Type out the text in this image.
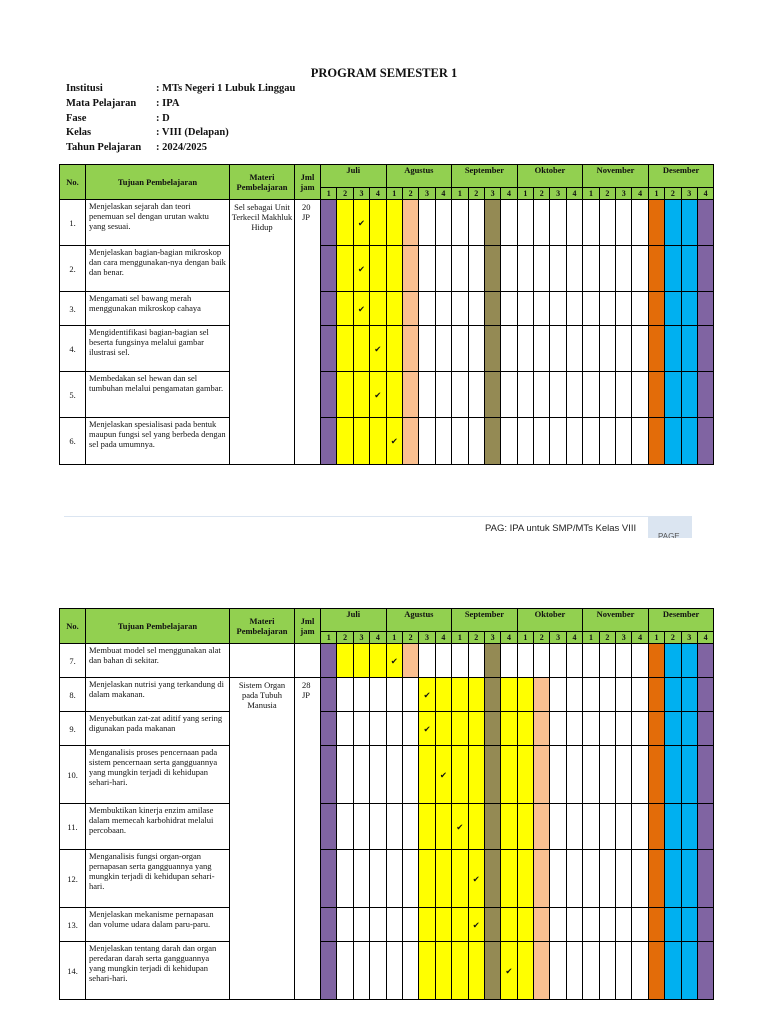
PROGRAM SEMESTER 1
Institusi	: MTs Negeri 1 Lubuk Linggau
Mata Pelajaran	: IPA
Fase	: D
Kelas	: VIII (Delapan)
Tahun Pelajaran	: 2024/2025
No.	Tujuan Pembelajaran	Materi Pembelajaran	Jml jam	Juli				Agustus				September				Oktober				November				Desember			
				1	2	3	4	1	2	3	4	1	2	3	4	1	2	3	4	1	2	3	4	1	2	3	4
1.	Menjelaskan sejarah dan teori penemuan sel dengan urutan waktu yang sesuai.	Sel sebagai Unit Terkecil Makhluk Hidup	20 JP			✔																					
2.	Menjelaskan bagian-bagian mikroskop dan cara menggunakan-nya dengan baik dan benar.					✔																					
3.	Mengamati sel bawang merah menggunakan mikroskop cahaya					✔																					
4.	Mengidentifikasi bagian-bagian sel beserta fungsinya melalui gambar ilustrasi sel.						✔																				
5.	Membedakan sel hewan dan sel tumbuhan melalui pengamatan gambar.						✔																				
6.	Menjelaskan spesialisasi pada bentuk maupun fungsi sel yang berbeda dengan sel pada umumnya.							✔																			
PAG: IPA untuk SMP/MTs Kelas VIII
PAGE
No.	Tujuan Pembelajaran	Materi Pembelajaran	Jml jam	Juli				Agustus				September				Oktober				November				Desember			
				1	2	3	4	1	2	3	4	1	2	3	4	1	2	3	4	1	2	3	4	1	2	3	4
7.	Membuat model sel menggunakan alat dan bahan di sekitar.							✔																			
8.	Menjelaskan nutrisi yang terkandung di dalam makanan.	Sistem Organ pada Tubuh Manusia	28 JP							✔																	
9.	Menyebutkan zat-zat aditif yang sering digunakan pada makanan									✔																	
10.	Menganalisis proses pencernaan pada sistem pencernaan serta gangguannya yang mungkin terjadi di kehidupan sehari-hari.										✔																
11.	Membuktikan kinerja enzim amilase dalam memecah karbohidrat melalui percobaan.											✔															
12.	Menganalisis fungsi organ-organ pernapasan serta gangguannya yang mungkin terjadi di kehidupan sehari-hari.												✔														
13.	Menjelaskan mekanisme pernapasan dan volume udara dalam paru-paru.												✔														
14.	Menjelaskan tentang darah dan organ peredaran darah serta gangguannya yang mungkin terjadi di kehidupan sehari-hari.														✔												
